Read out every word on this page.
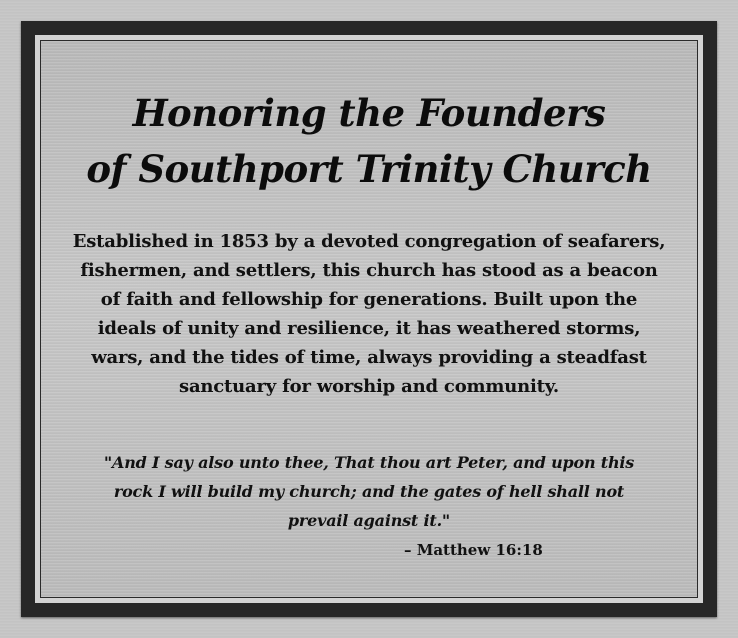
Honoring the Founders
of Southport Trinity Church

Established in 1853 by a devoted congregation of seafarers,
fishermen, and settlers, this church has stood as a beacon
of faith and fellowship for generations. Built upon the
ideals of unity and resilience, it has weathered storms,
wars, and the tides of time, always providing a steadfast
sanctuary for worship and community.

"And I say also unto thee, That thou art Peter, and upon this
rock I will build my church; and the gates of hell shall not
prevail against it."

– Matthew 16:18
